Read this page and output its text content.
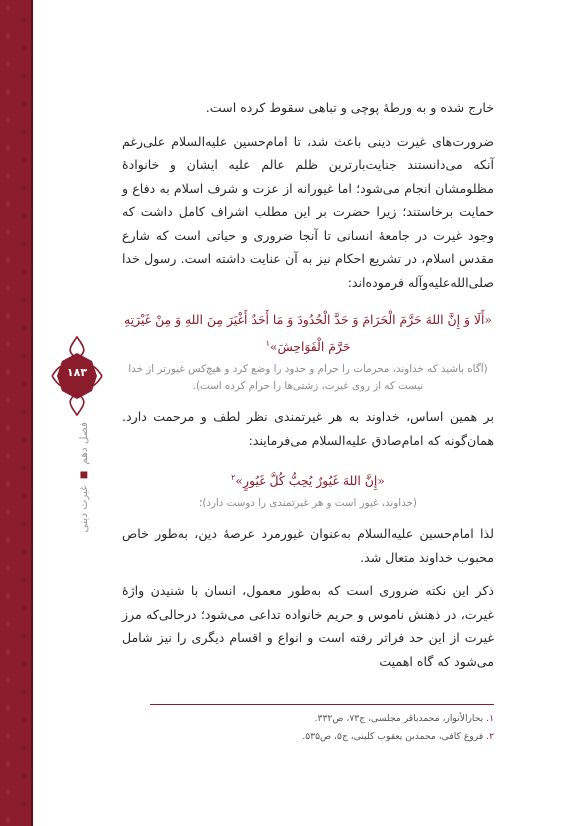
۱۸۳
فصل دهم ■ غیرت دینی

خارج شده و به ورطهٔ پوچی و تباهی سقوط کرده است.

ضرورت‌های غیرت دینی باعث شد، تا امام‌حسین علیه‌السلام علی‌رغم آنکه می‌دانستند جنایت‌بارترین ظلم عالم علیه ایشان و خانوادهٔ مظلومشان انجام می‌شود؛ اما غیورانه از عزت و شرف اسلام به دفاع و حمایت برخاستند؛ زیرا حضرت بر این مطلب اشراف کامل داشت که وجود غیرت در جامعهٔ انسانی تا آنجا ضروری و حیاتی است که شارع مقدس اسلام، در تشریع احکام نیز به آن عنایت داشته است. رسول خدا صلی‌الله‌علیه‌وآله فرموده‌اند:

«أَلَا وَ إِنَّ اللهَ حَرَّمَ الْحَرَامَ وَ حَدَّ الْحُدُودَ وَ مَا أَحَدٌ أَغْيَرَ مِنَ اللهِ وَ مِنْ غَيْرَتِهِ حَرَّمَ الْفَوَاحِشَ»$^۱$

(آگاه باشید که خداوند، محرمات را حرام و حدود را وضع کرد و هیچ‌کس غیورتر از خدا نیست که از روی غیرت، زشتی‌ها را حرام کرده است).

بر همین اساس، خداوند به هر غیرتمندی نظر لطف و مرحمت دارد. همان‌گونه که امام‌صادق علیه‌السلام می‌فرمایند:

«إِنَّ اللهَ غَيُورٌ يُحِبُّ كُلَّ غَيُورٍ»$^۲$

(خداوند، غیور است و هر غیرتمندی را دوست دارد)؛

لذا امام‌حسین علیه‌السلام به‌عنوان غیورمرد عرصهٔ دین، به‌طور خاص محبوب خداوند متعال شد.

ذکر این نکته ضروری است که به‌طور معمول، انسان با شنیدن واژهٔ غیرت، در ذهنش ناموس و حریم خانواده تداعی می‌شود؛ درحالی‌که مرز غیرت از این حد فراتر رفته است و انواع و اقسام دیگری را نیز شامل می‌شود که گاه اهمیت

۱. بحارالأنوار، محمدباقر مجلسی، ج۷۳، ص۳۳۲.
۲. فروع کافی، محمدبن یعقوب کلینی، ج۵، ص۵۳۵.
